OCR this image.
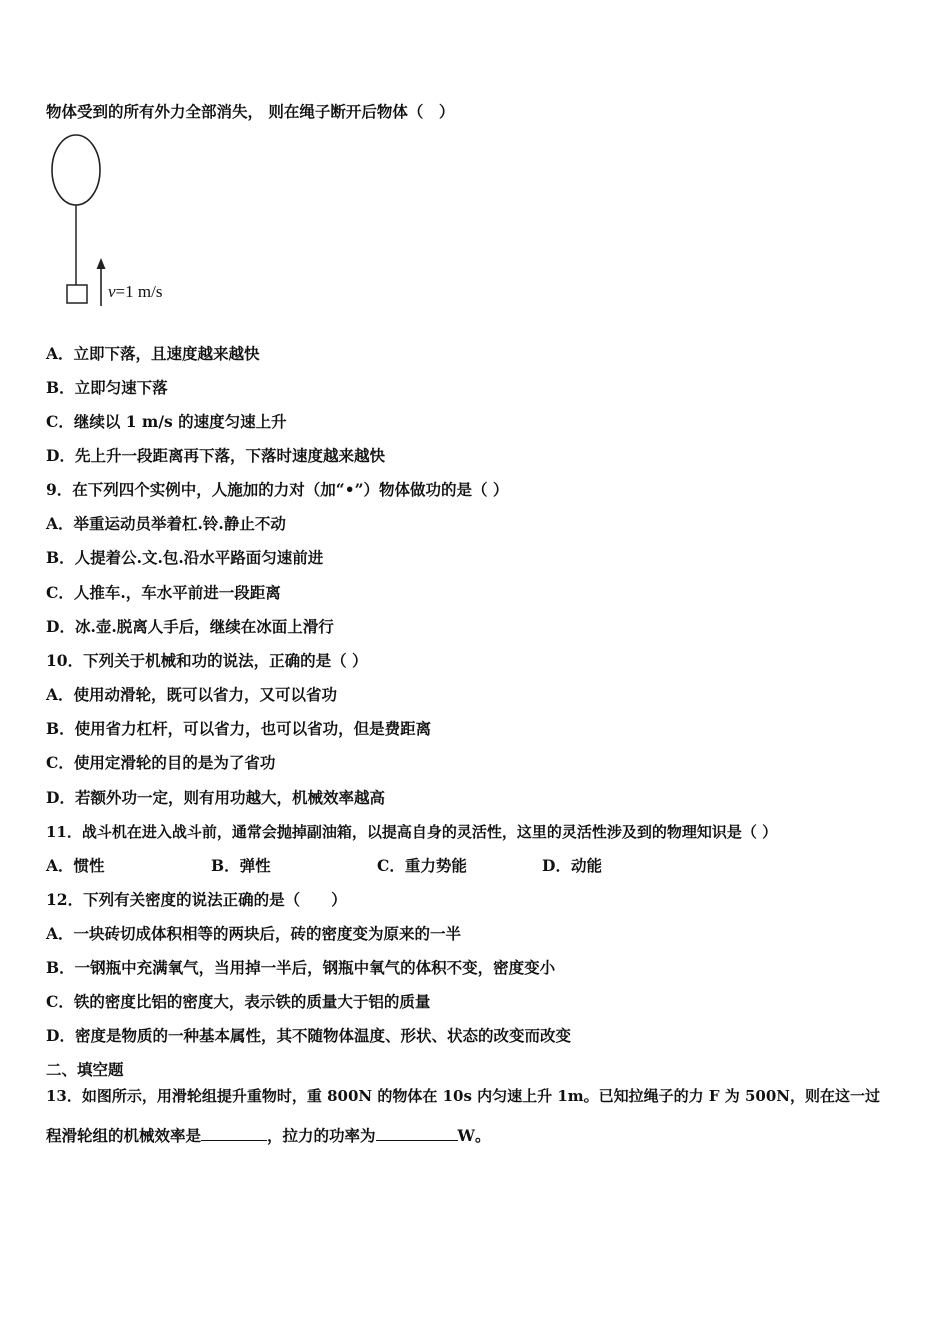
物体受到的所有外力全部消失， 则在绳子断开后物体（　）
v=1 m/s
A．立即下落，且速度越来越快
B．立即匀速下落
C．继续以 1 m/s 的速度匀速上升
D．先上升一段距离再下落，下落时速度越来越快
9．在下列四个实例中，人施加的力对（加“•”）物体做功的是（ ）
A．举重运动员举着杠.铃.静止不动
B．人提着公.文.包.沿水平路面匀速前进
C．人推车.，车水平前进一段距离
D．冰.壶.脱离人手后，继续在冰面上滑行
10．下列关于机械和功的说法，正确的是（ ）
A．使用动滑轮，既可以省力，又可以省功
B．使用省力杠杆，可以省力，也可以省功，但是费距离
C．使用定滑轮的目的是为了省功
D．若额外功一定，则有用功越大，机械效率越高
11．战斗机在进入战斗前，通常会抛掉副油箱，以提高自身的灵活性，这里的灵活性涉及到的物理知识是（ ）
A．惯性	B．弹性	C．重力势能	D．动能
12．下列有关密度的说法正确的是（　　）
A．一块砖切成体积相等的两块后，砖的密度变为原来的一半
B．一钢瓶中充满氧气，当用掉一半后，钢瓶中氧气的体积不变，密度变小
C．铁的密度比铝的密度大，表示铁的质量大于铝的质量
D．密度是物质的一种基本属性，其不随物体温度、形状、状态的改变而改变
二、填空题
13．如图所示，用滑轮组提升重物时，重 800N 的物体在 10s 内匀速上升 1m。已知拉绳子的力 F 为 500N，则在这一过
程滑轮组的机械效率是	，拉力的功率为	W。
